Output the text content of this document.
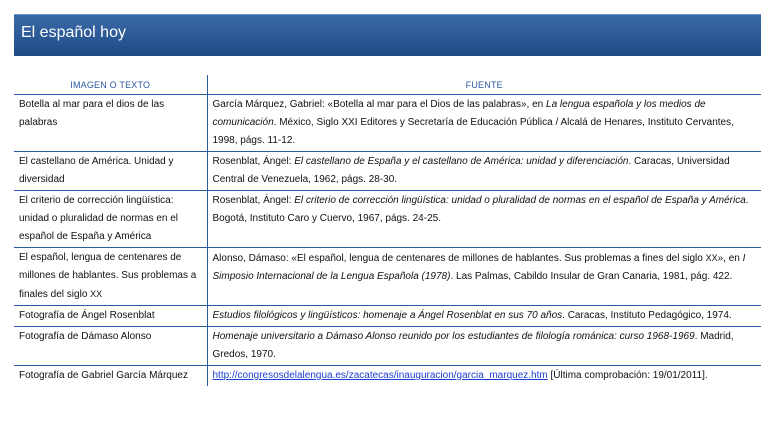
El español hoy
IMAGEN O TEXTO	FUENTE
Botella al mar para el dios de las palabras	García Márquez, Gabriel: «Botella al mar para el Dios de las palabras», en La lengua española y los medios de comunicación. México, Siglo XXI Editores y Secretaría de Educación Pública / Alcalá de Henares, Instituto Cervantes, 1998, págs. 11-12.
El castellano de América. Unidad y diversidad	Rosenblat, Ángel: El castellano de España y el castellano de América: unidad y diferenciación. Caracas, Universidad Central de Venezuela, 1962, págs. 28-30.
El criterio de corrección lingüística: unidad o pluralidad de normas en el español de España y América	Rosenblat, Ángel: El criterio de corrección lingüística: unidad o pluralidad de normas en el español de España y América. Bogotá, Instituto Caro y Cuervo, 1967, págs. 24-25.
El español, lengua de centenares de millones de hablantes. Sus problemas a finales del siglo XX	Alonso, Dámaso: «El español, lengua de centenares de millones de hablantes. Sus problemas a fines del siglo XX», en I Simposio Internacional de la Lengua Española (1978). Las Palmas, Cabildo Insular de Gran Canaria, 1981, pág. 422.
Fotografía de Ángel Rosenblat	Estudios filológicos y lingüísticos: homenaje a Ángel Rosenblat en sus 70 años. Caracas, Instituto Pedagógico, 1974.
Fotografía de Dámaso Alonso	Homenaje universitario a Dámaso Alonso reunido por los estudiantes de filología románica: curso 1968-1969. Madrid, Gredos, 1970.
Fotografía de Gabriel García Márquez	http://congresosdelalengua.es/zacatecas/inauguracion/garcia_marquez.htm [Última comprobación: 19/01/2011].
